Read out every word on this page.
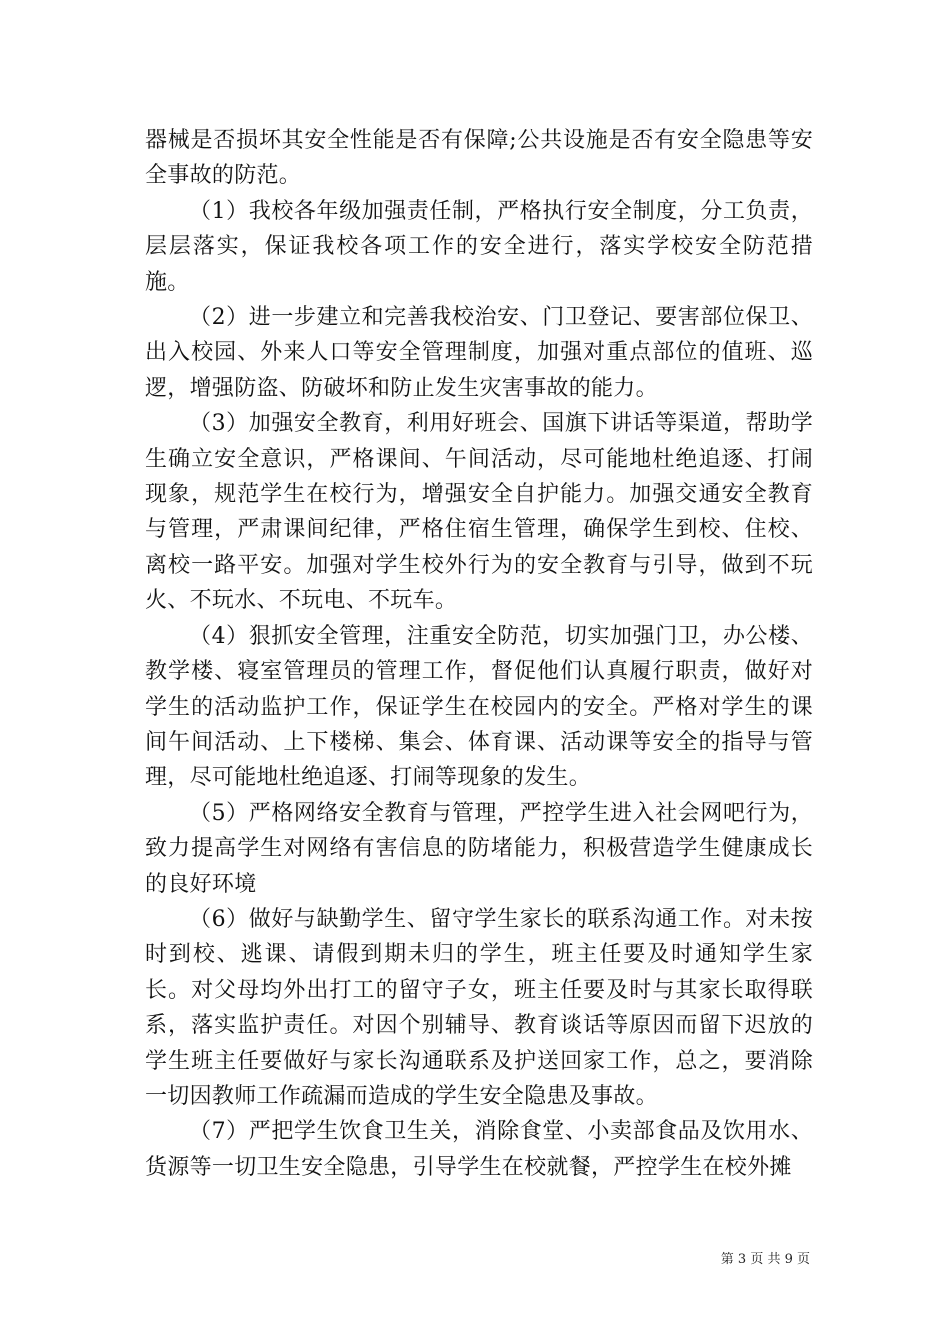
器械是否损坏其安全性能是否有保障;公共设施是否有安全隐患等安全事故的防范。

（1）我校各年级加强责任制，严格执行安全制度，分工负责，层层落实，保证我校各项工作的安全进行，落实学校安全防范措施。

（2）进一步建立和完善我校治安、门卫登记、要害部位保卫、出入校园、外来人口等安全管理制度，加强对重点部位的值班、巡逻，增强防盗、防破坏和防止发生灾害事故的能力。

（3）加强安全教育，利用好班会、国旗下讲话等渠道，帮助学生确立安全意识，严格课间、午间活动，尽可能地杜绝追逐、打闹现象，规范学生在校行为，增强安全自护能力。加强交通安全教育与管理，严肃课间纪律，严格住宿生管理，确保学生到校、住校、离校一路平安。加强对学生校外行为的安全教育与引导，做到不玩火、不玩水、不玩电、不玩车。

（4）狠抓安全管理，注重安全防范，切实加强门卫，办公楼、教学楼、寝室管理员的管理工作，督促他们认真履行职责，做好对学生的活动监护工作，保证学生在校园内的安全。严格对学生的课间午间活动、上下楼梯、集会、体育课、活动课等安全的指导与管理，尽可能地杜绝追逐、打闹等现象的发生。

（5）严格网络安全教育与管理，严控学生进入社会网吧行为，致力提高学生对网络有害信息的防堵能力，积极营造学生健康成长的良好环境

（6）做好与缺勤学生、留守学生家长的联系沟通工作。对未按时到校、逃课、请假到期未归的学生，班主任要及时通知学生家长。对父母均外出打工的留守子女，班主任要及时与其家长取得联系，落实监护责任。对因个别辅导、教育谈话等原因而留下迟放的学生班主任要做好与家长沟通联系及护送回家工作，总之，要消除一切因教师工作疏漏而造成的学生安全隐患及事故。

（7）严把学生饮食卫生关，消除食堂、小卖部食品及饮用水、货源等一切卫生安全隐患，引导学生在校就餐，严控学生在校外摊

第 3 页 共 9 页
